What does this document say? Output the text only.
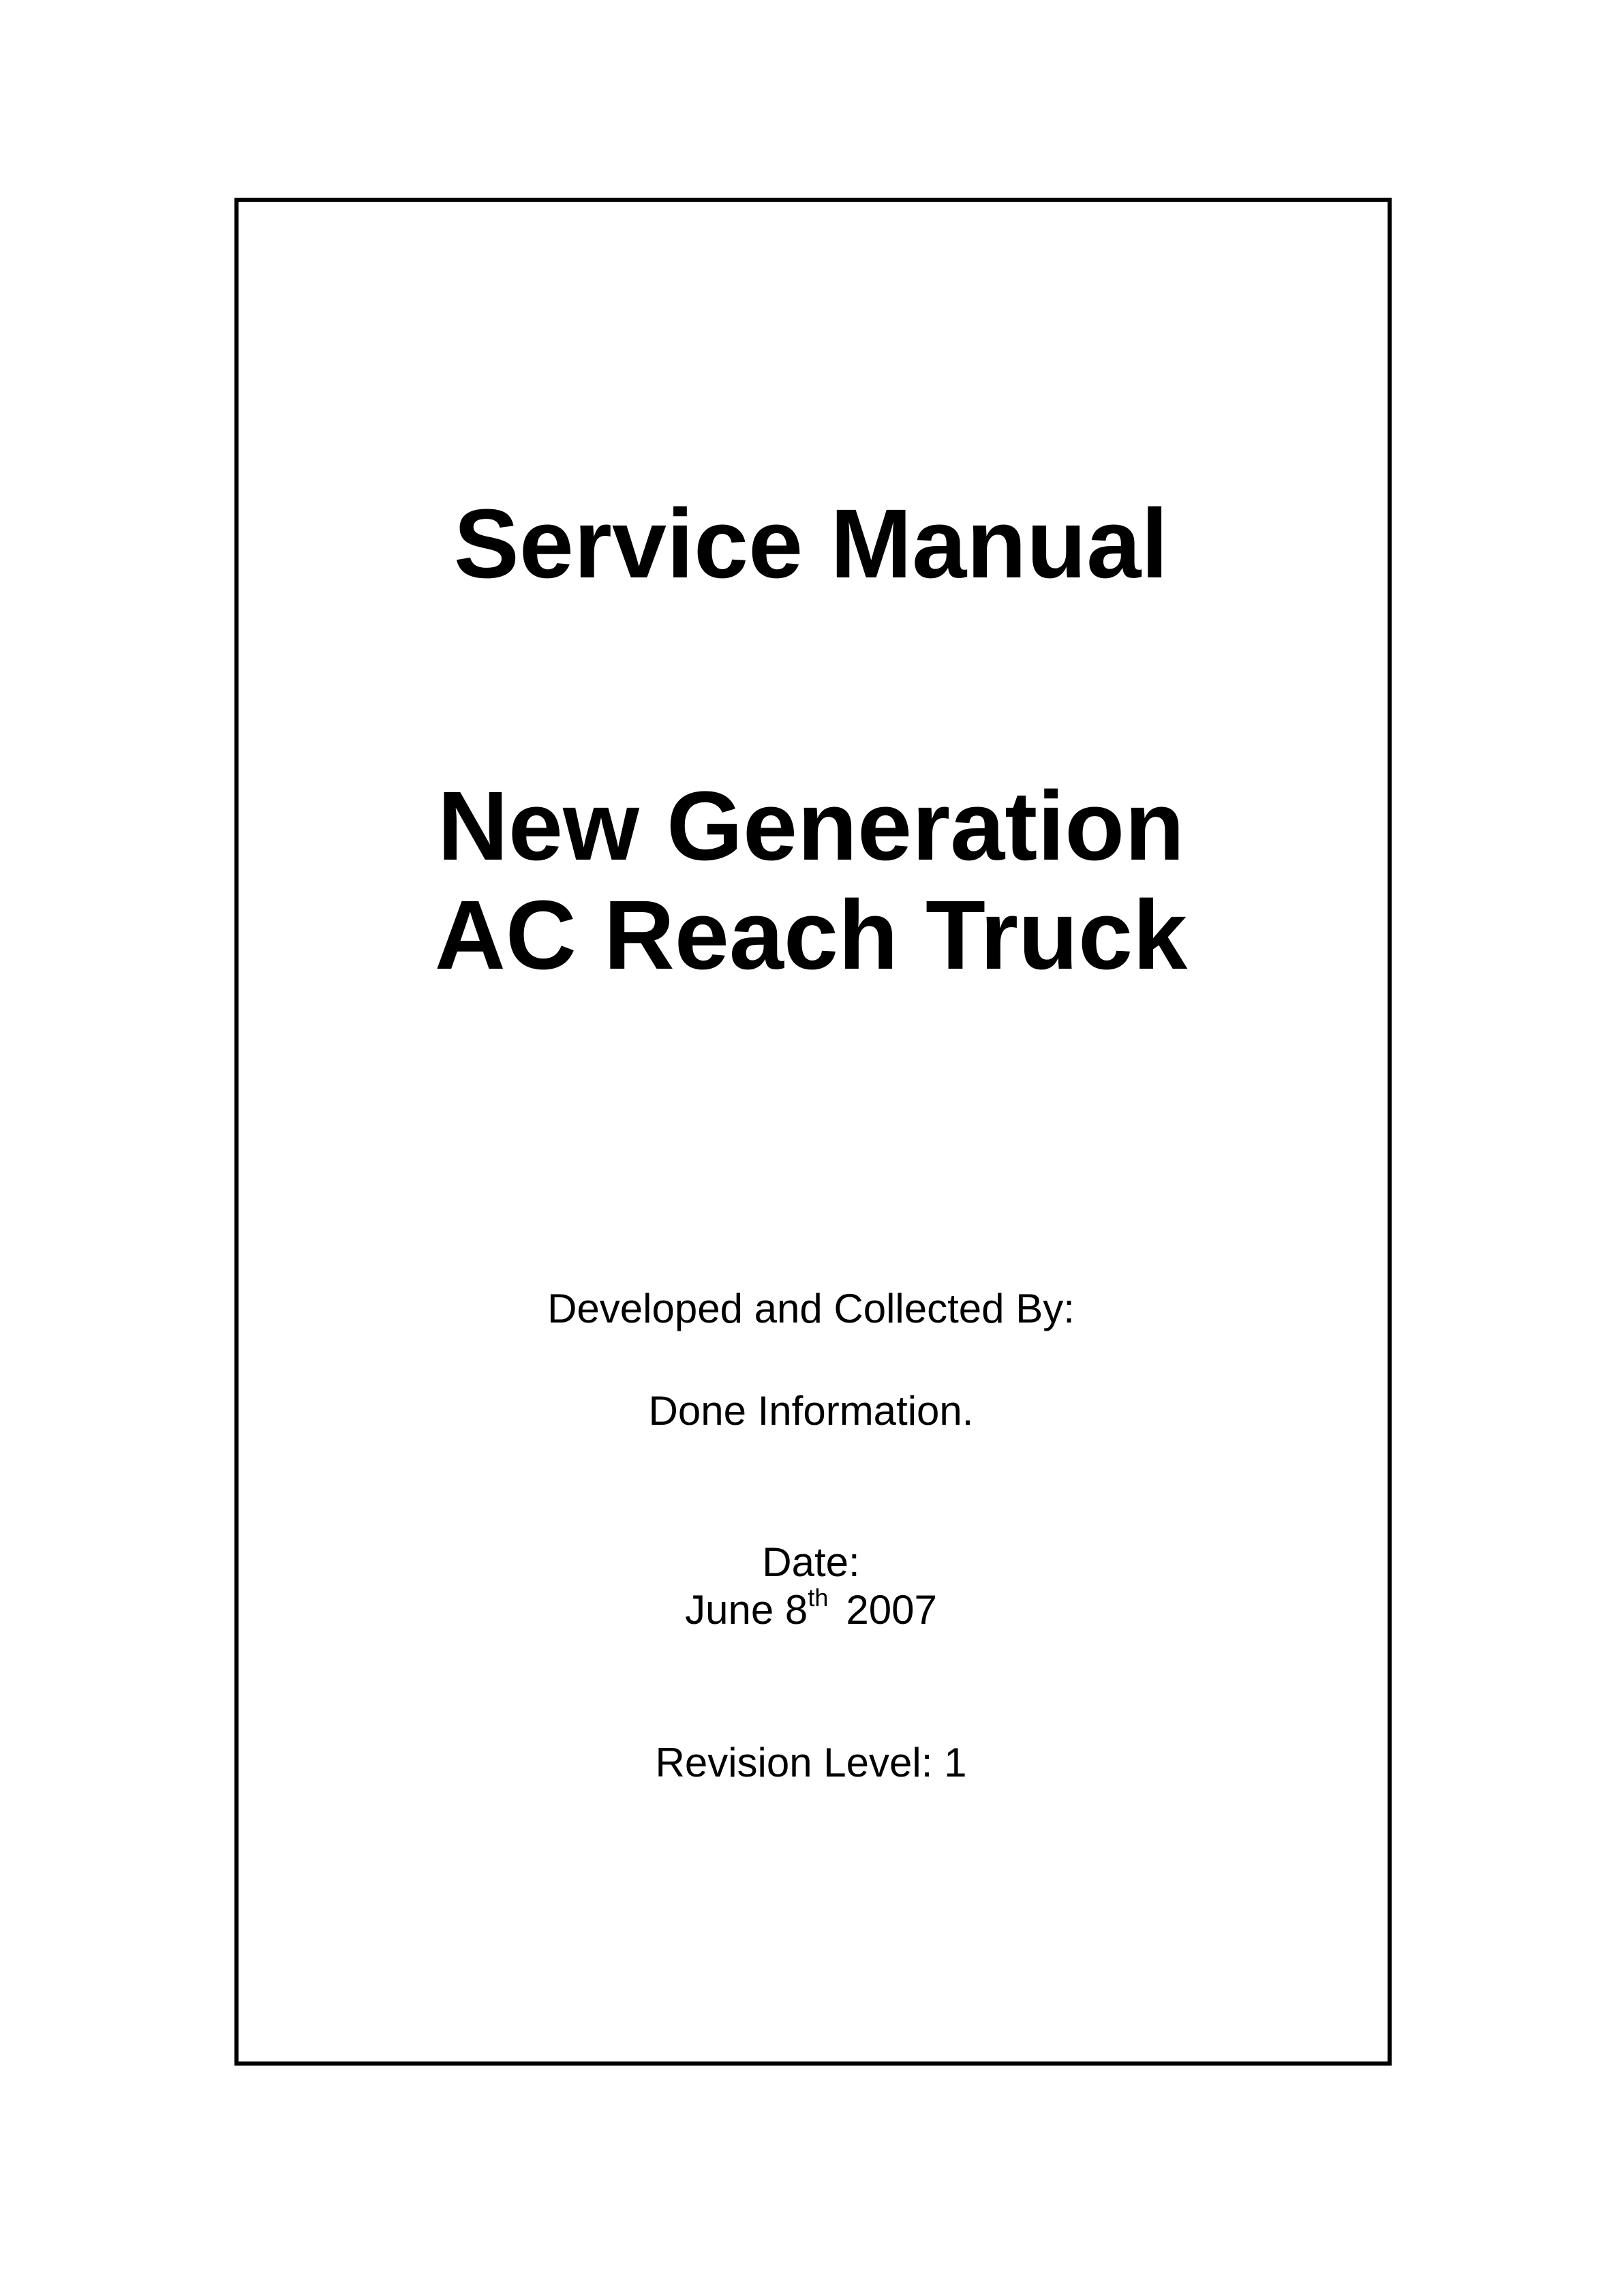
Service Manual
New Generation
AC Reach Truck
Developed and Collected By:
Done Information.
Date:
June 8th 2007
Revision Level: 1
